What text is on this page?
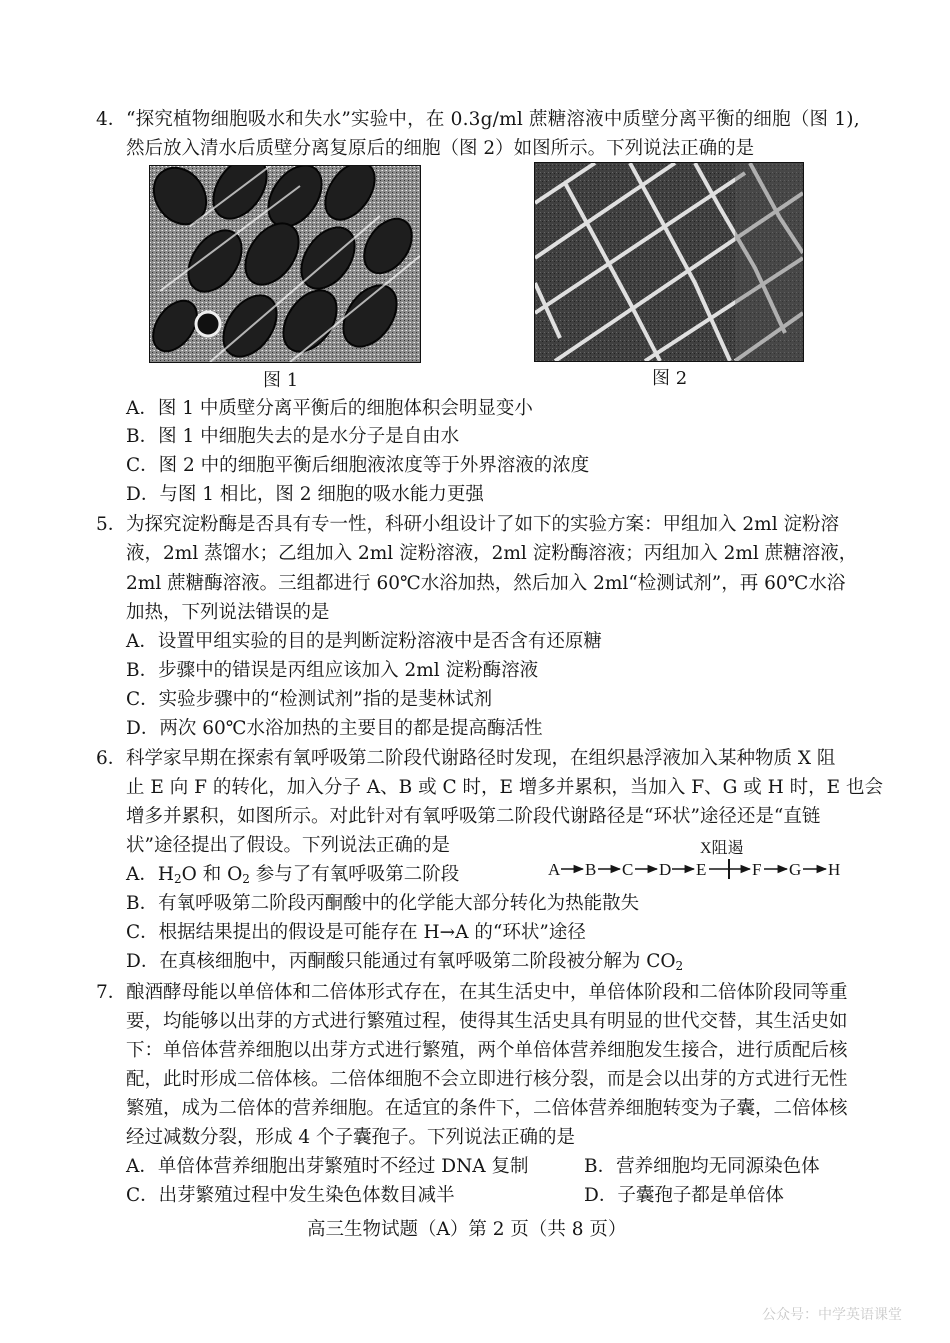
4． “探究植物细胞吸水和失水”实验中，在 0.3g/ml 蔗糖溶液中质壁分离平衡的细胞（图 1),
然后放入清水后质壁分离复原后的细胞（图 2）如图所示。下列说法正确的是
图 1	图 2
A．图 1 中质壁分离平衡后的细胞体积会明显变小
B．图 1 中细胞失去的是水分子是自由水
C．图 2 中的细胞平衡后细胞液浓度等于外界溶液的浓度
D．与图 1 相比，图 2 细胞的吸水能力更强
5． 为探究淀粉酶是否具有专一性，科研小组设计了如下的实验方案：甲组加入 2ml 淀粉溶
液，2ml 蒸馏水；乙组加入 2ml 淀粉溶液，2ml 淀粉酶溶液；丙组加入 2ml 蔗糖溶液，
2ml 蔗糖酶溶液。三组都进行 60℃水浴加热，然后加入 2ml“检测试剂”，再 60℃水浴
加热，下列说法错误的是
A．设置甲组实验的目的是判断淀粉溶液中是否含有还原糖
B．步骤中的错误是丙组应该加入 2ml 淀粉酶溶液
C．实验步骤中的“检测试剂”指的是斐林试剂
D．两次 60℃水浴加热的主要目的都是提高酶活性
6． 科学家早期在探索有氧呼吸第二阶段代谢路径时发现，在组织悬浮液加入某种物质 X 阻
止 E 向 F 的转化，加入分子 A、B 或 C 时，E 增多并累积，当加入 F、G 或 H 时，E 也会
增多并累积，如图所示。对此针对有氧呼吸第二阶段代谢路径是“环状”途径还是“直链
状”途径提出了假设。下列说法正确的是
A．$H_2O$ 和 $O_2$ 参与了有氧呼吸第二阶段
X阻遏
A B C D E	F G H
B．有氧呼吸第二阶段丙酮酸中的化学能大部分转化为热能散失
C．根据结果提出的假设是可能存在 H→A 的“环状”途径
D．在真核细胞中，丙酮酸只能通过有氧呼吸第二阶段被分解为 $CO_2$
7． 酿酒酵母能以单倍体和二倍体形式存在，在其生活史中，单倍体阶段和二倍体阶段同等重
要，均能够以出芽的方式进行繁殖过程，使得其生活史具有明显的世代交替，其生活史如
下：单倍体营养细胞以出芽方式进行繁殖，两个单倍体营养细胞发生接合，进行质配后核
配，此时形成二倍体核。二倍体细胞不会立即进行核分裂，而是会以出芽的方式进行无性
繁殖，成为二倍体的营养细胞。在适宜的条件下，二倍体营养细胞转变为子囊，二倍体核
经过减数分裂，形成 4 个子囊孢子。下列说法正确的是
A．单倍体营养细胞出芽繁殖时不经过 DNA 复制	B．营养细胞均无同源染色体
C．出芽繁殖过程中发生染色体数目减半	D．子囊孢子都是单倍体
高三生物试题（A）第 2 页（共 8 页）
公众号：中学英语课堂
